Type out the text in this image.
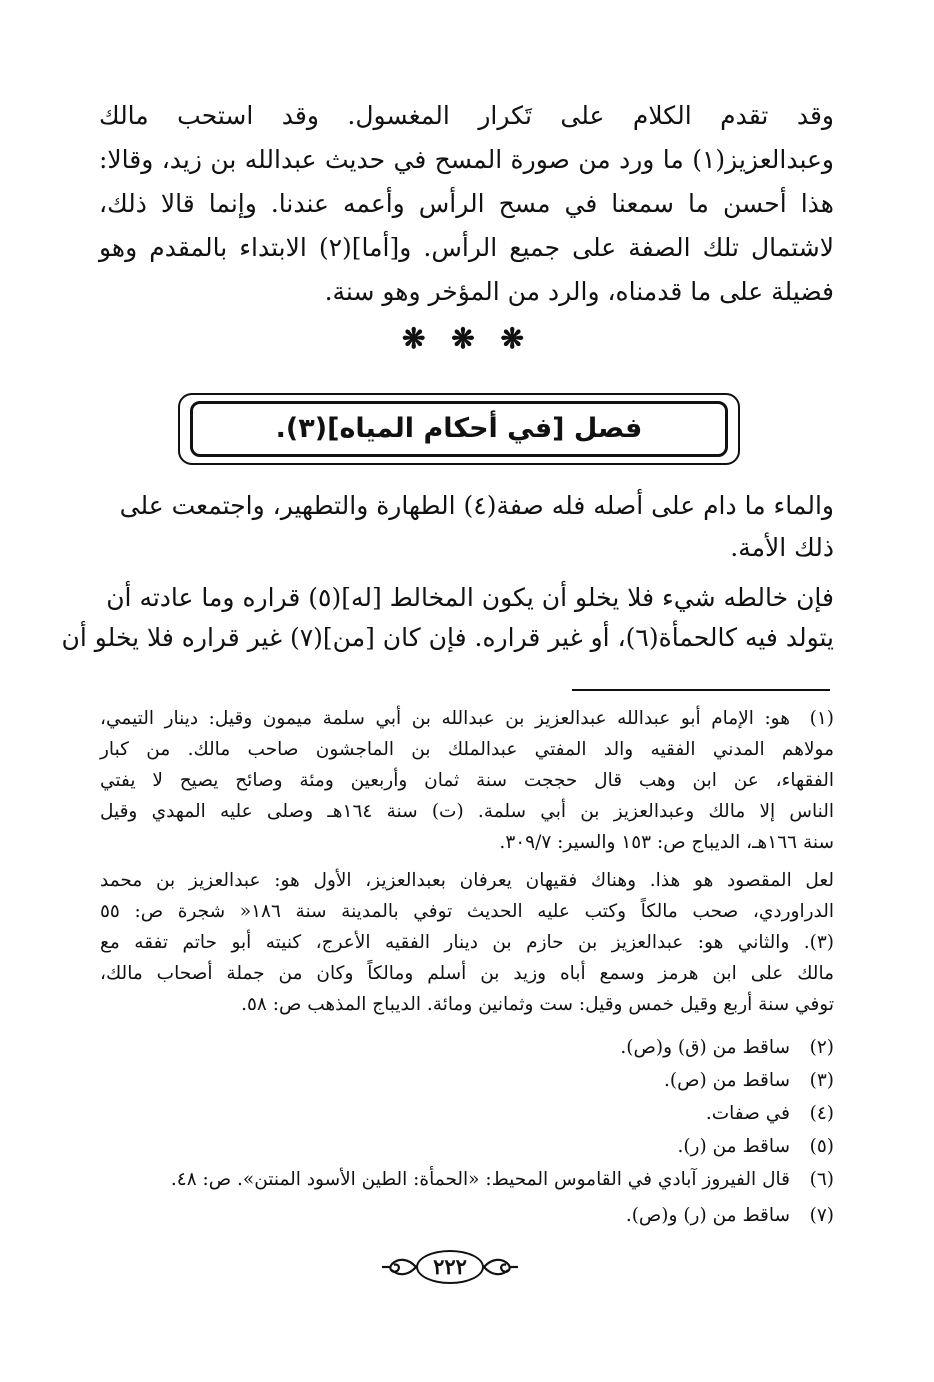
وقد تقدم الكلام على تَكرار المغسول. وقد استحب مالك
وعبدالعزيز(١) ما ورد من صورة المسح في حديث عبدالله بن زيد، وقالا:
هذا أحسن ما سمعنا في مسح الرأس وأعمه عندنا. وإنما قالا ذلك،
لاشتمال تلك الصفة على جميع الرأس. و[أما](٢) الابتداء بالمقدم وهو
فضيلة على ما قدمناه، والرد من المؤخر وهو سنة.
❋ ❋ ❋
فصل [في أحكام المياه](٣).
والماء ما دام على أصله فله صفة(٤) الطهارة والتطهير، واجتمعت على
ذلك الأمة.
فإن خالطه شيء فلا يخلو أن يكون المخالط [له](٥) قراره وما عادته أن
يتولد فيه كالحمأة(٦)، أو غير قراره. فإن كان [من](٧) غير قراره فلا يخلو أن
(١)
هو: الإمام أبو عبدالله عبدالعزيز بن عبدالله بن أبي سلمة ميمون وقيل: دينار التيمي،
مولاهم المدني الفقيه والد المفتي عبدالملك بن الماجشون صاحب مالك. من كبار
الفقهاء، عن ابن وهب قال حججت سنة ثمان وأربعين ومئة وصائح يصيح لا يفتي
الناس إلا مالك وعبدالعزيز بن أبي سلمة. (ت) سنة ١٦٤هـ وصلى عليه المهدي وقيل
سنة ١٦٦هـ، الديباج ص: ١٥٣ والسير: ٣٠٩/٧.
لعل المقصود هو هذا. وهناك فقيهان يعرفان بعبدالعزيز، الأول هو: عبدالعزيز بن محمد
الدراوردي، صحب مالكاً وكتب عليه الحديث توفي بالمدينة سنة ١٨٦« شجرة ص: ٥٥
(٣). والثاني هو: عبدالعزيز بن حازم بن دينار الفقيه الأعرج، كنيته أبو حاتم تفقه مع
مالك على ابن هرمز وسمع أباه وزيد بن أسلم ومالكاً وكان من جملة أصحاب مالك،
توفي سنة أربع وقيل خمس وقيل: ست وثمانين ومائة. الديباج المذهب ص: ٥٨.
(٢)
ساقط من (ق) و(ص).
(٣)
ساقط من (ص).
(٤)
في صفات.
(٥)
ساقط من (ر).
(٦)
قال الفيروز آبادي في القاموس المحيط: «الحمأة: الطين الأسود المنتن». ص: ٤٨.
(٧)
ساقط من (ر) و(ص).
٢٢٢
